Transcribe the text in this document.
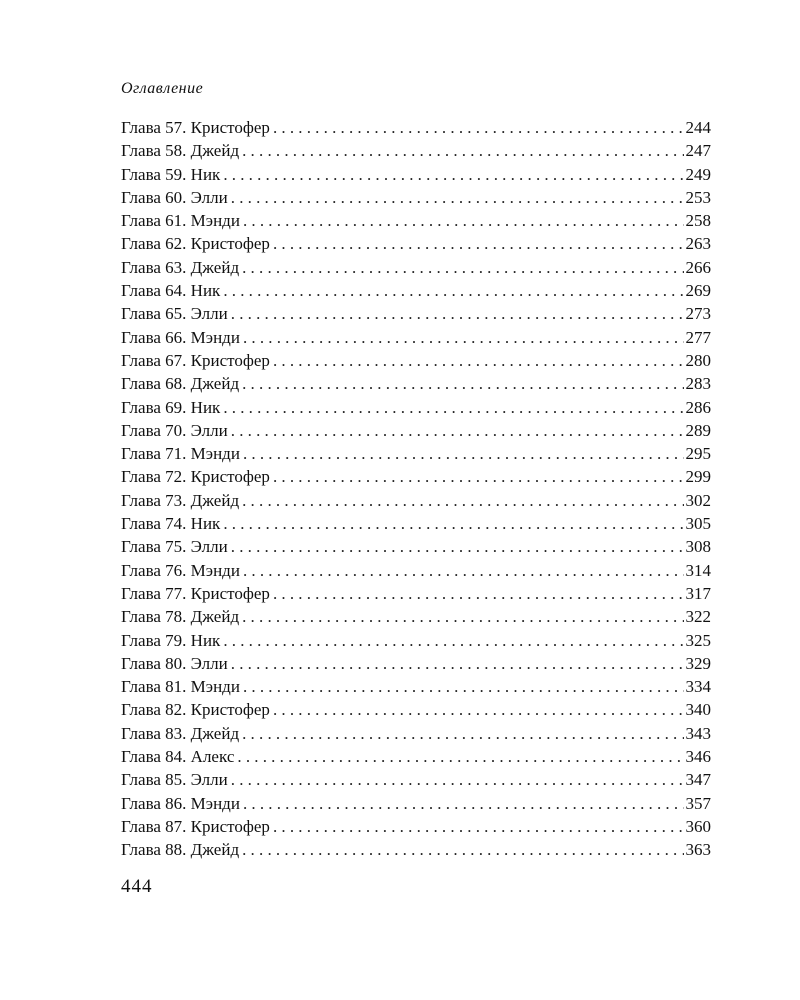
Оглавление
Глава 57. Кристофер .....	244
Глава 58. Джейд .....	247
Глава 59. Ник .....	249
Глава 60. Элли .....	253
Глава 61. Мэнди .....	258
Глава 62. Кристофер .....	263
Глава 63. Джейд .....	266
Глава 64. Ник .....	269
Глава 65. Элли .....	273
Глава 66. Мэнди .....	277
Глава 67. Кристофер .....	280
Глава 68. Джейд .....	283
Глава 69. Ник .....	286
Глава 70. Элли .....	289
Глава 71. Мэнди .....	295
Глава 72. Кристофер .....	299
Глава 73. Джейд .....	302
Глава 74. Ник .....	305
Глава 75. Элли .....	308
Глава 76. Мэнди .....	314
Глава 77. Кристофер .....	317
Глава 78. Джейд .....	322
Глава 79. Ник .....	325
Глава 80. Элли .....	329
Глава 81. Мэнди .....	334
Глава 82. Кристофер .....	340
Глава 83. Джейд .....	343
Глава 84. Алекс .....	346
Глава 85. Элли .....	347
Глава 86. Мэнди .....	357
Глава 87. Кристофер .....	360
Глава 88. Джейд .....	363
444
